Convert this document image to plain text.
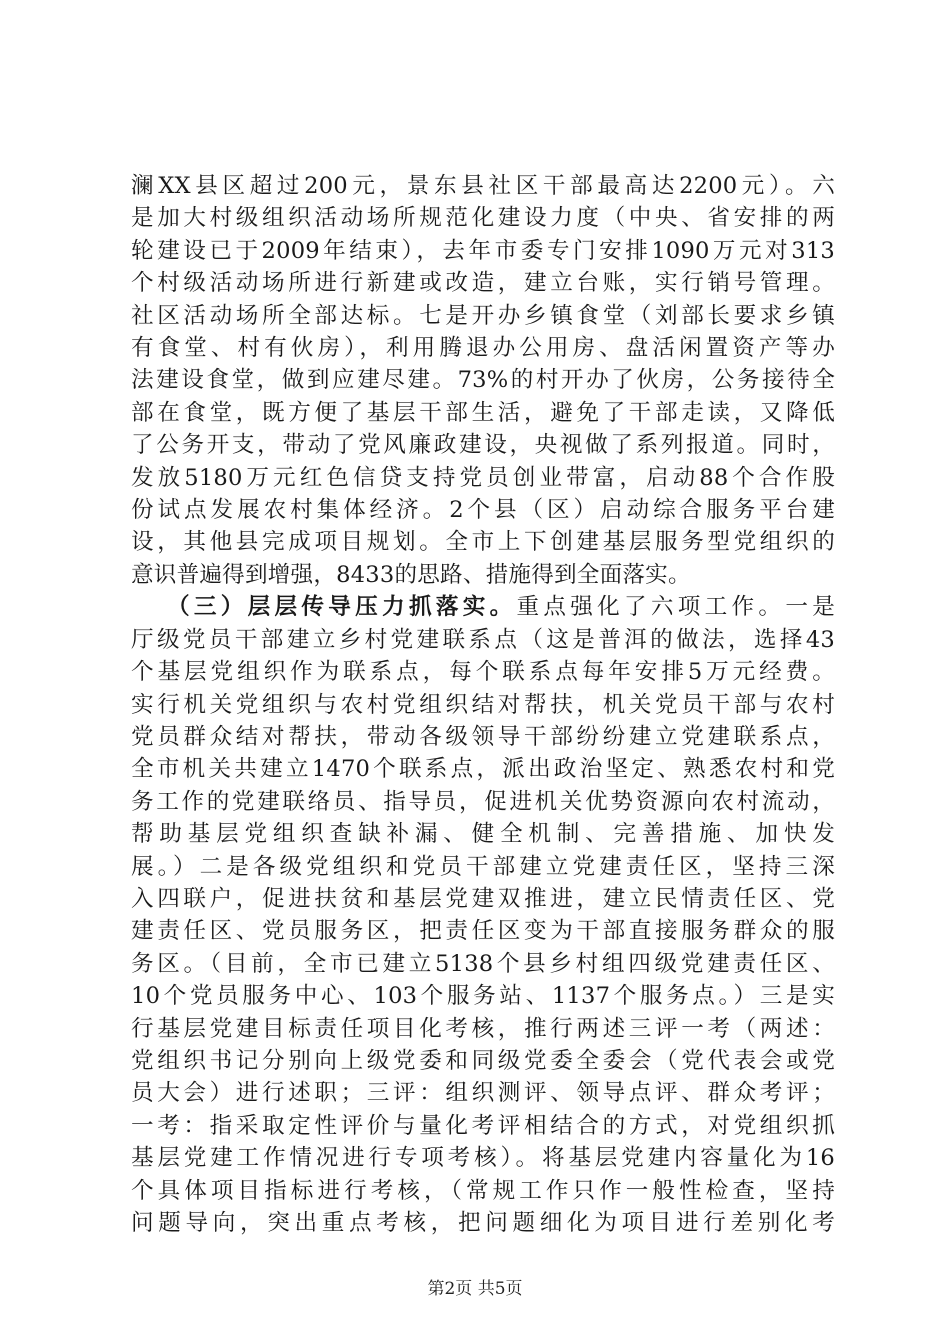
澜XX县区超过200元，景东县社区干部最高达2200元）。六
是加大村级组织活动场所规范化建设力度（中央、省安排的两
轮建设已于2009年结束），去年市委专门安排1090万元对313
个村级活动场所进行新建或改造，建立台账，实行销号管理。
社区活动场所全部达标。七是开办乡镇食堂（刘部长要求乡镇
有食堂、村有伙房），利用腾退办公用房、盘活闲置资产等办
法建设食堂，做到应建尽建。73%的村开办了伙房，公务接待全
部在食堂，既方便了基层干部生活，避免了干部走读，又降低
了公务开支，带动了党风廉政建设，央视做了系列报道。同时，
发放5180万元红色信贷支持党员创业带富，启动88个合作股
份试点发展农村集体经济。2个县（区）启动综合服务平台建
设，其他县完成项目规划。全市上下创建基层服务型党组织的
意识普遍得到增强，8433的思路、措施得到全面落实。
（三）层层传导压力抓落实。重点强化了六项工作。一是
厅级党员干部建立乡村党建联系点（这是普洱的做法，选择43
个基层党组织作为联系点，每个联系点每年安排5万元经费。
实行机关党组织与农村党组织结对帮扶，机关党员干部与农村
党员群众结对帮扶，带动各级领导干部纷纷建立党建联系点，
全市机关共建立1470个联系点，派出政治坚定、熟悉农村和党
务工作的党建联络员、指导员，促进机关优势资源向农村流动，
帮助基层党组织查缺补漏、健全机制、完善措施、加快发
展。）二是各级党组织和党员干部建立党建责任区，坚持三深
入四联户，促进扶贫和基层党建双推进，建立民情责任区、党
建责任区、党员服务区，把责任区变为干部直接服务群众的服
务区。（目前，全市已建立5138个县乡村组四级党建责任区、
10个党员服务中心、103个服务站、1137个服务点。）三是实
行基层党建目标责任项目化考核，推行两述三评一考（两述：
党组织书记分别向上级党委和同级党委全委会（党代表会或党
员大会）进行述职；三评：组织测评、领导点评、群众考评；
一考：指采取定性评价与量化考评相结合的方式，对党组织抓
基层党建工作情况进行专项考核）。将基层党建内容量化为16
个具体项目指标进行考核，（常规工作只作一般性检查，坚持
问题导向，突出重点考核，把问题细化为项目进行差别化考
第2页 共5页
